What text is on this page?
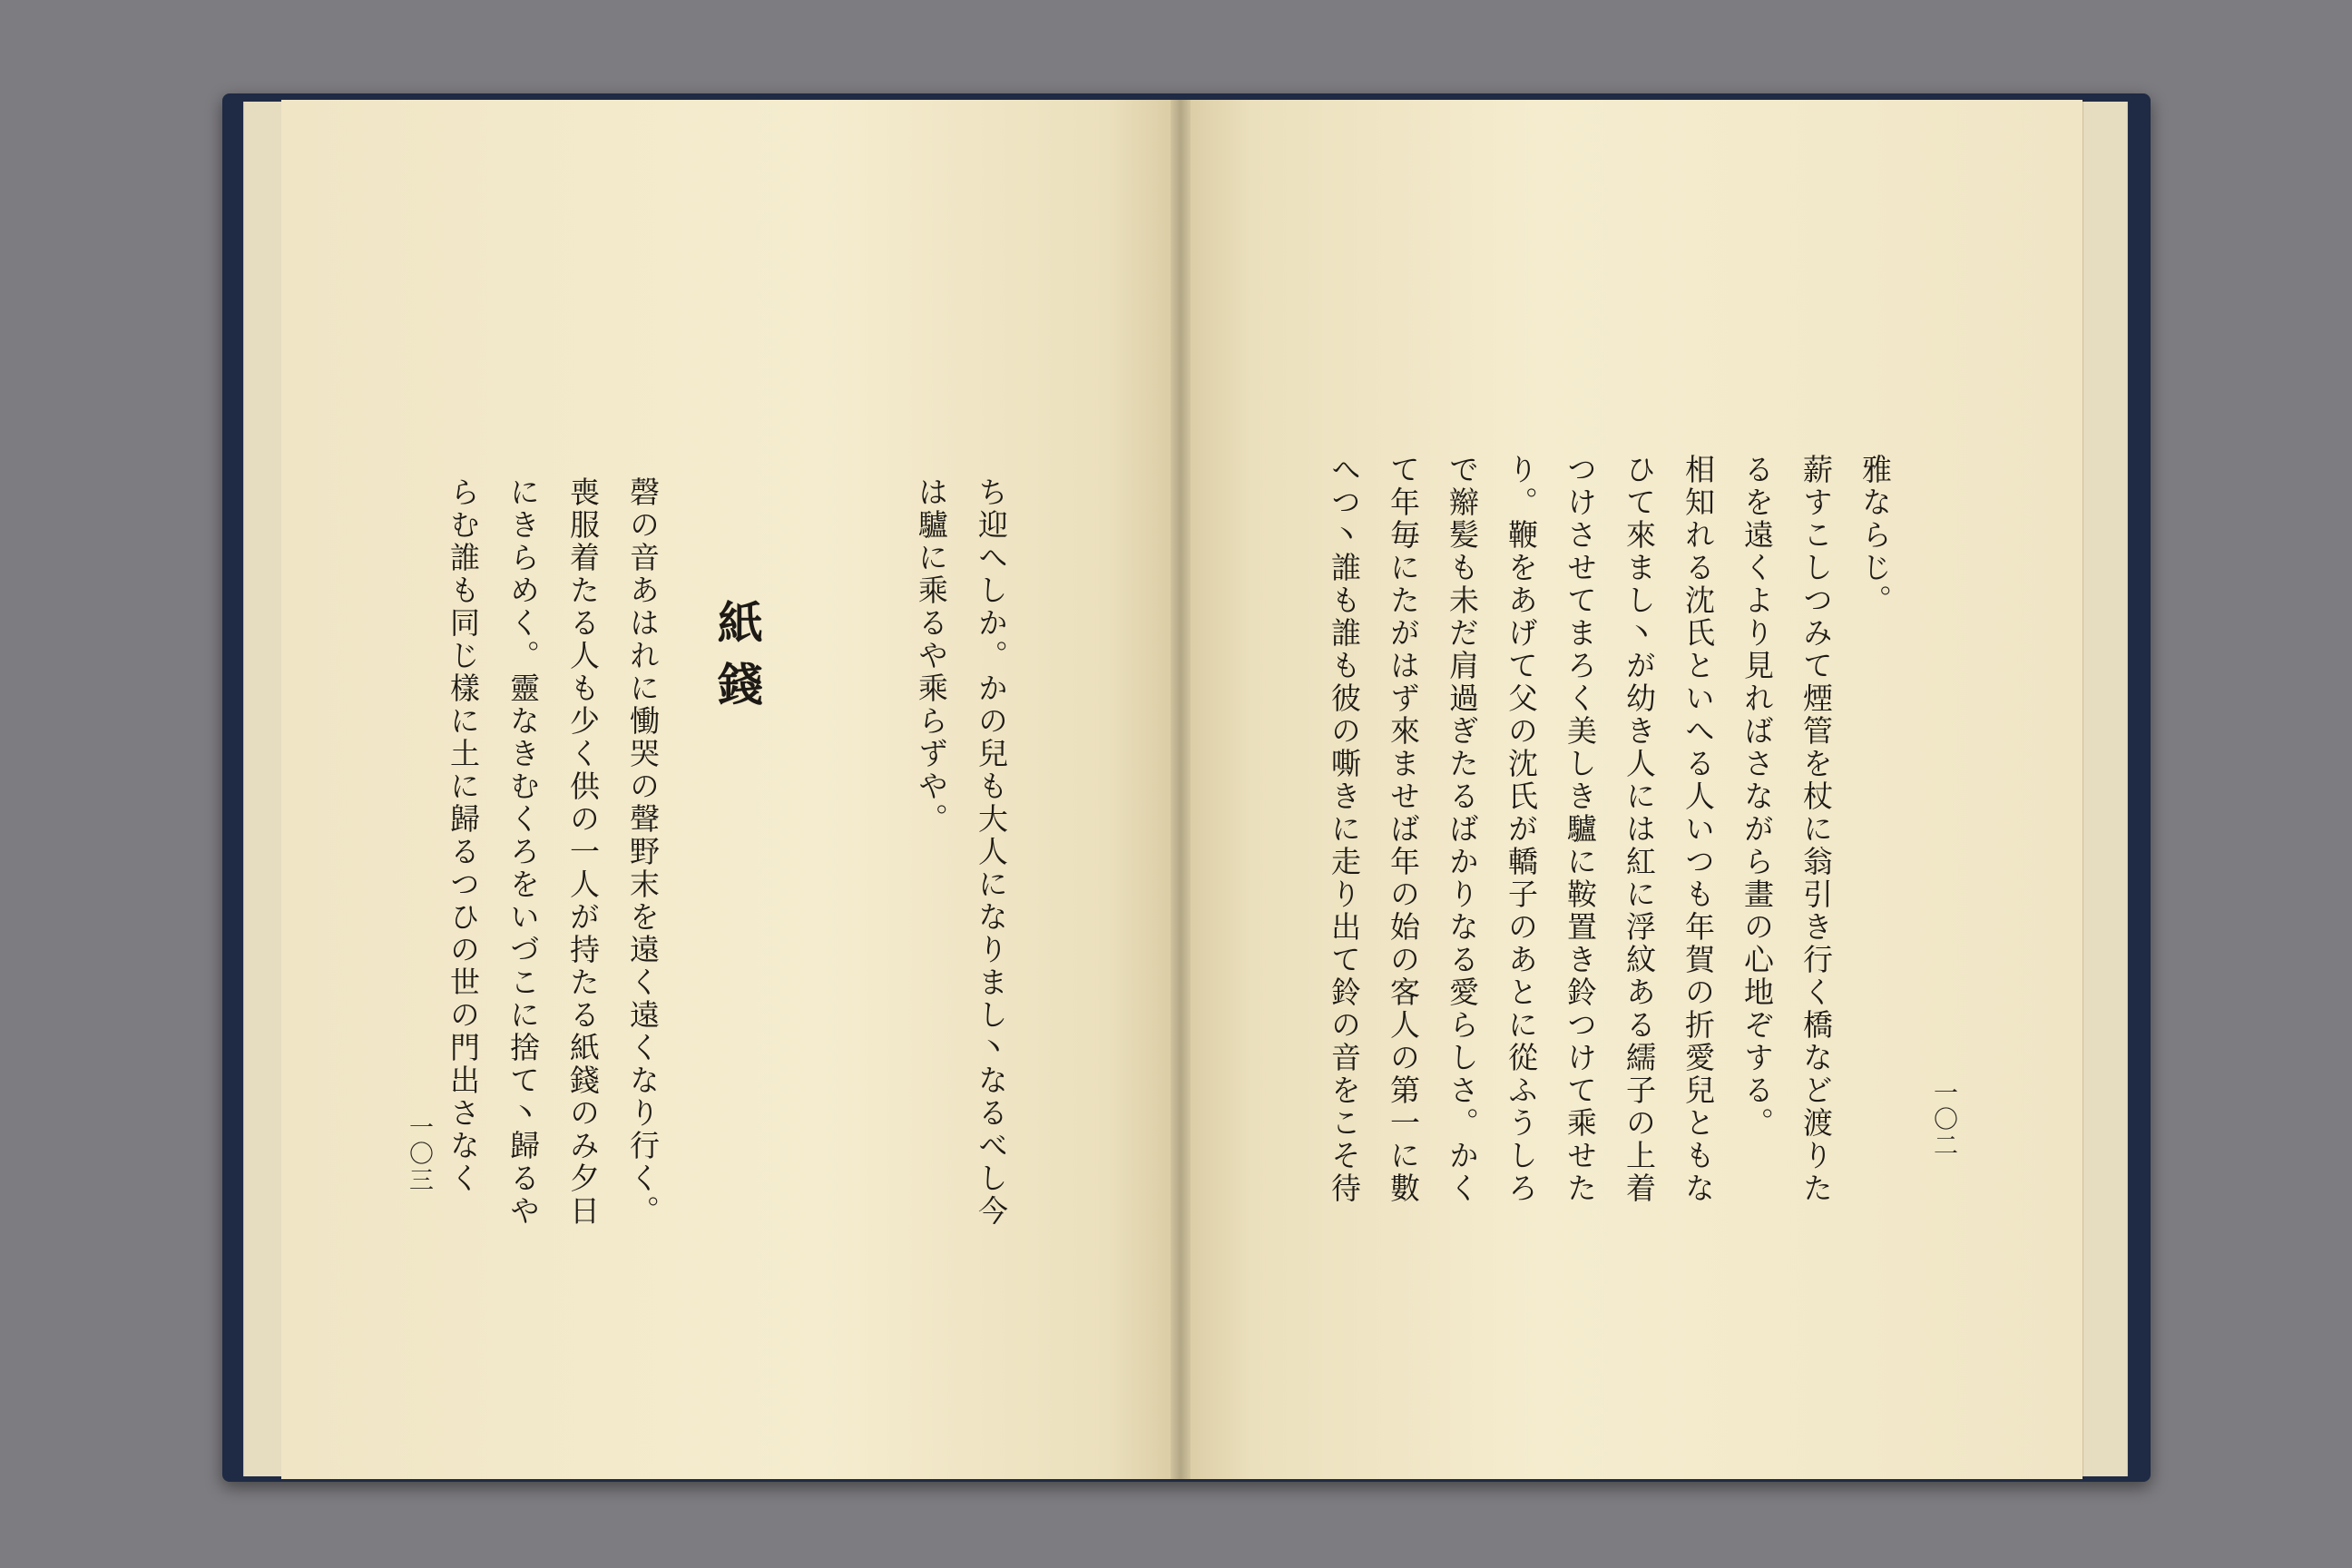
ち迎へしか。かの兒も大人になりまし丶なるべし今
は驢に乘るや乘らずや。
紙錢
磬の音あはれに慟哭の聲野末を遠く遠くなり行く。
喪服着たる人も少く供の一人が持たる紙錢のみ夕日
にきらめく。靈なきむくろをいづこに捨て丶歸るや
らむ誰も同じ樣に土に歸るつひの世の門出さなく
一〇三	一〇二
雅ならじ。
薪すこしつみて煙管を杖に翁引き行く橋など渡りた
るを遠くより見ればさながら畫の心地ぞする。
相知れる沈氏といへる人いつも年賀の折愛兒ともな
ひて來まし丶が幼き人には紅に浮紋ある繻子の上着
つけさせてまろく美しき驢に鞍置き鈴つけて乘せた
り。鞭をあげて父の沈氏が轎子のあとに從ふうしろ
で辮髪も未だ肩過ぎたるばかりなる愛らしさ。かく
て年毎にたがはず來ませば年の始の客人の第一に數
へつ丶誰も誰も彼の嘶きに走り出て鈴の音をこそ待
